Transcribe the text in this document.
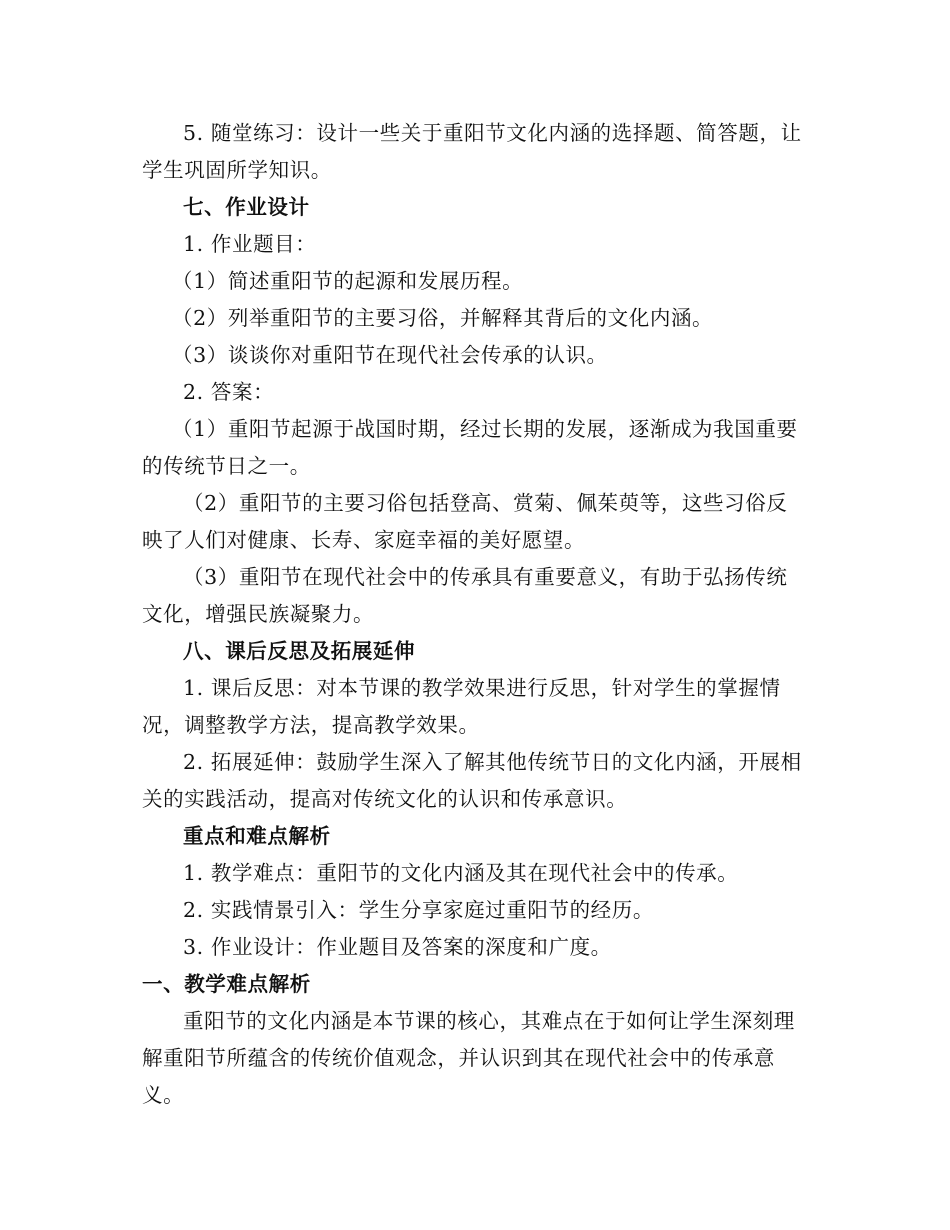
5. 随堂练习：设计一些关于重阳节文化内涵的选择题、简答题，让学生巩固所学知识。

七、作业设计

1. 作业题目：

（1）简述重阳节的起源和发展历程。

（2）列举重阳节的主要习俗，并解释其背后的文化内涵。

（3）谈谈你对重阳节在现代社会传承的认识。

2. 答案：

（1）重阳节起源于战国时期，经过长期的发展，逐渐成为我国重要的传统节日之一。

（2）重阳节的主要习俗包括登高、赏菊、佩茱萸等，这些习俗反映了人们对健康、长寿、家庭幸福的美好愿望。

（3）重阳节在现代社会中的传承具有重要意义，有助于弘扬传统文化，增强民族凝聚力。

八、课后反思及拓展延伸

1. 课后反思：对本节课的教学效果进行反思，针对学生的掌握情况，调整教学方法，提高教学效果。

2. 拓展延伸：鼓励学生深入了解其他传统节日的文化内涵，开展相关的实践活动，提高对传统文化的认识和传承意识。

重点和难点解析

1. 教学难点：重阳节的文化内涵及其在现代社会中的传承。

2. 实践情景引入：学生分享家庭过重阳节的经历。

3. 作业设计：作业题目及答案的深度和广度。

一、教学难点解析

重阳节的文化内涵是本节课的核心，其难点在于如何让学生深刻理解重阳节所蕴含的传统价值观念，并认识到其在现代社会中的传承意义。
